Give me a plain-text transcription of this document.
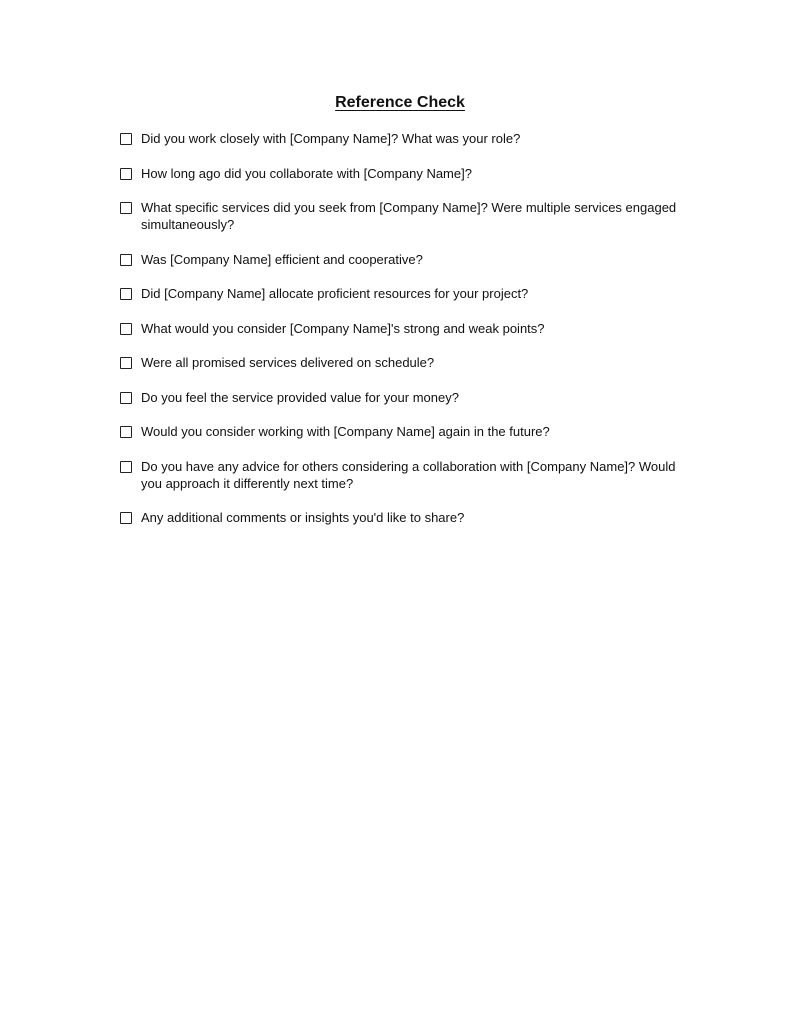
Reference Check
Did you work closely with [Company Name]? What was your role?
How long ago did you collaborate with [Company Name]?
What specific services did you seek from [Company Name]? Were multiple services engaged simultaneously?
Was [Company Name] efficient and cooperative?
Did [Company Name] allocate proficient resources for your project?
What would you consider [Company Name]'s strong and weak points?
Were all promised services delivered on schedule?
Do you feel the service provided value for your money?
Would you consider working with [Company Name] again in the future?
Do you have any advice for others considering a collaboration with [Company Name]? Would you approach it differently next time?
Any additional comments or insights you'd like to share?
